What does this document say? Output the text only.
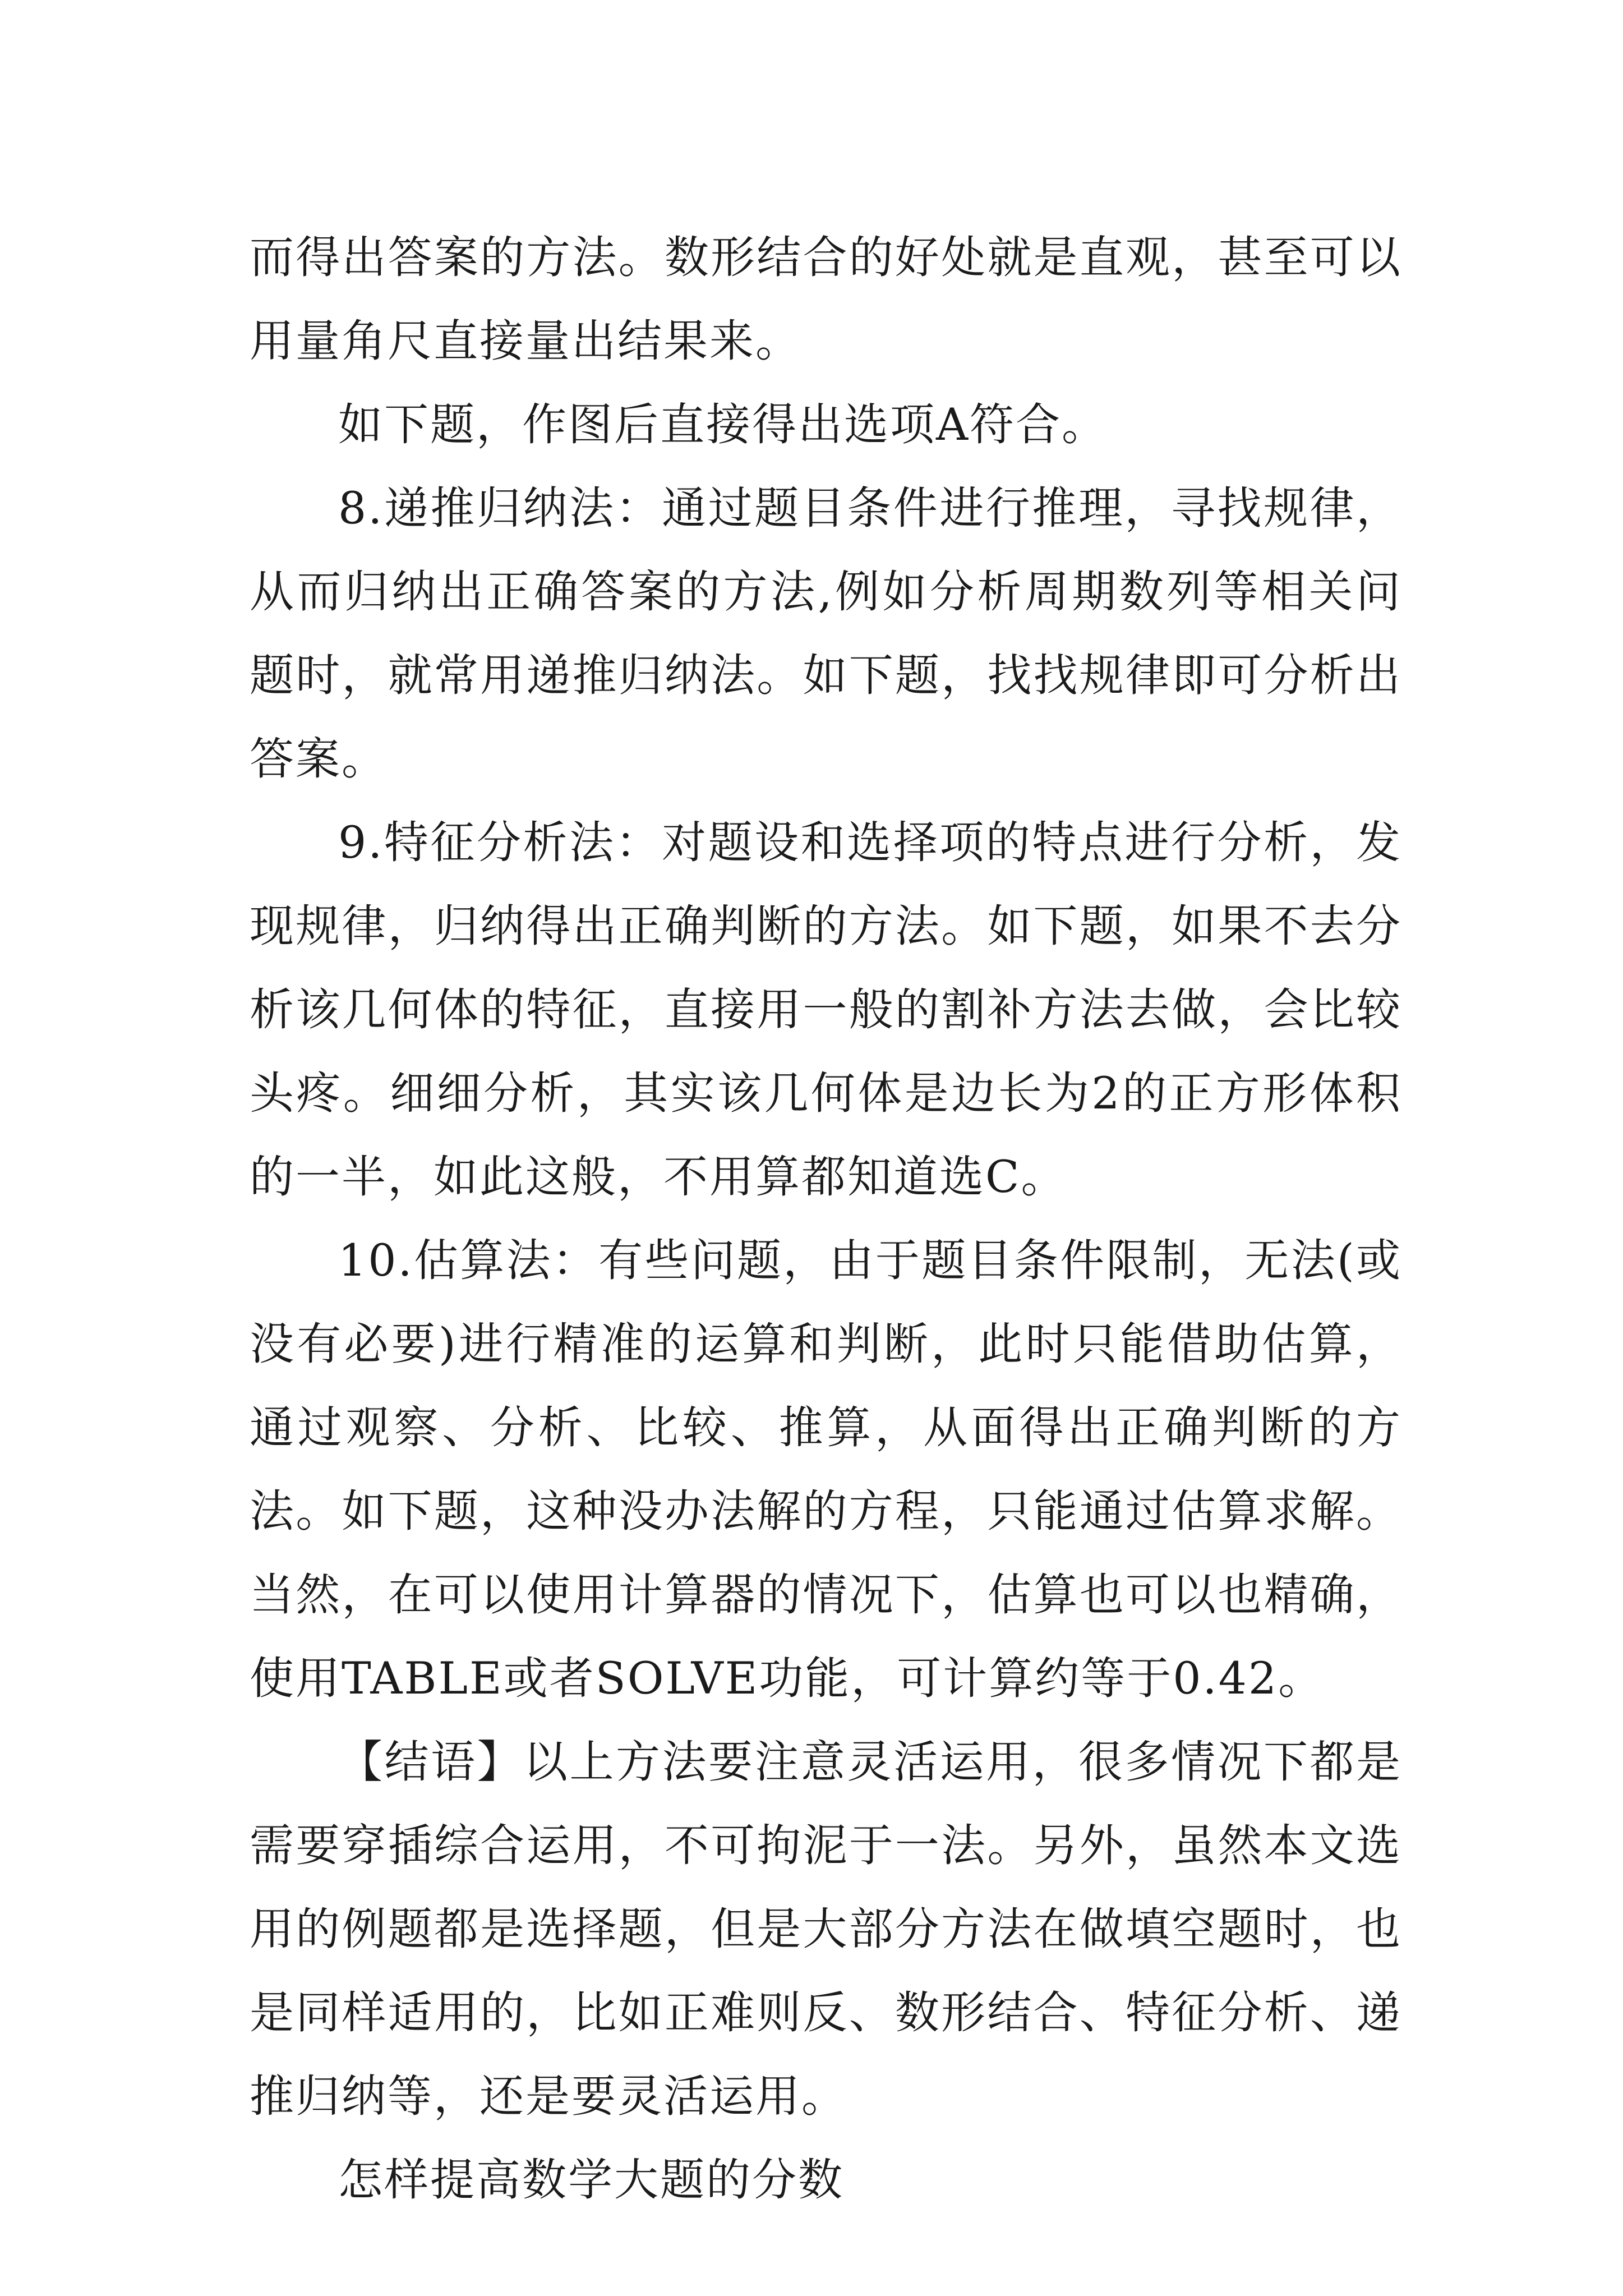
而得出答案的方法。数形结合的好处就是直观，甚至可以用量角尺直接量出结果来。

如下题，作图后直接得出选项A符合。

8.递推归纳法：通过题目条件进行推理，寻找规律，从而归纳出正确答案的方法,例如分析周期数列等相关问题时，就常用递推归纳法。如下题，找找规律即可分析出答案。

9.特征分析法：对题设和选择项的特点进行分析，发现规律，归纳得出正确判断的方法。如下题，如果不去分析该几何体的特征，直接用一般的割补方法去做，会比较头疼。细细分析，其实该几何体是边长为2的正方形体积的一半，如此这般，不用算都知道选C。

10.估算法：有些问题，由于题目条件限制，无法(或没有必要)进行精准的运算和判断，此时只能借助估算，通过观察、分析、比较、推算，从面得出正确判断的方法。如下题，这种没办法解的方程，只能通过估算求解。当然，在可以使用计算器的情况下，估算也可以也精确，使用TABLE或者SOLVE功能，可计算约等于0.42。

【结语】以上方法要注意灵活运用，很多情况下都是需要穿插综合运用，不可拘泥于一法。另外，虽然本文选用的例题都是选择题，但是大部分方法在做填空题时，也是同样适用的，比如正难则反、数形结合、特征分析、递推归纳等，还是要灵活运用。

怎样提高数学大题的分数
